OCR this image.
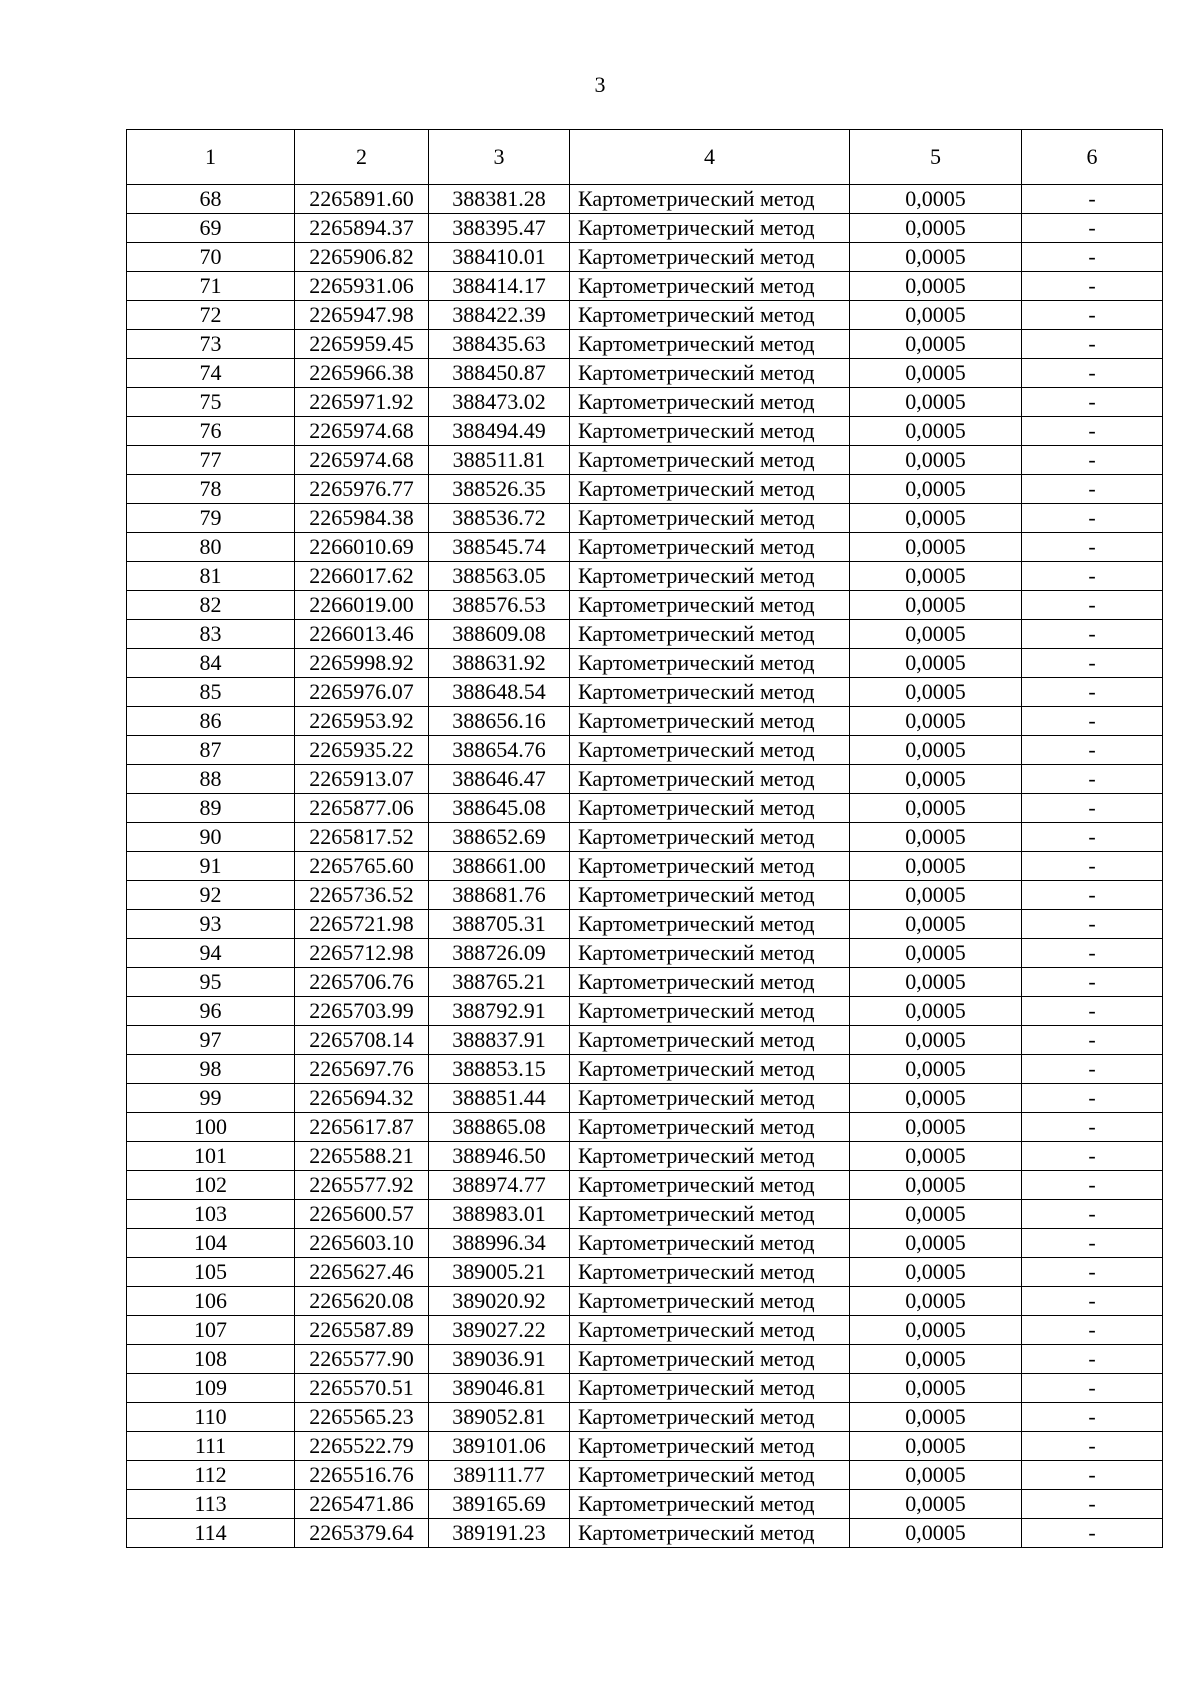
3
1	2	3	4	5	6
68	2265891.60	388381.28	Картометрический метод	0,0005	-
69	2265894.37	388395.47	Картометрический метод	0,0005	-
70	2265906.82	388410.01	Картометрический метод	0,0005	-
71	2265931.06	388414.17	Картометрический метод	0,0005	-
72	2265947.98	388422.39	Картометрический метод	0,0005	-
73	2265959.45	388435.63	Картометрический метод	0,0005	-
74	2265966.38	388450.87	Картометрический метод	0,0005	-
75	2265971.92	388473.02	Картометрический метод	0,0005	-
76	2265974.68	388494.49	Картометрический метод	0,0005	-
77	2265974.68	388511.81	Картометрический метод	0,0005	-
78	2265976.77	388526.35	Картометрический метод	0,0005	-
79	2265984.38	388536.72	Картометрический метод	0,0005	-
80	2266010.69	388545.74	Картометрический метод	0,0005	-
81	2266017.62	388563.05	Картометрический метод	0,0005	-
82	2266019.00	388576.53	Картометрический метод	0,0005	-
83	2266013.46	388609.08	Картометрический метод	0,0005	-
84	2265998.92	388631.92	Картометрический метод	0,0005	-
85	2265976.07	388648.54	Картометрический метод	0,0005	-
86	2265953.92	388656.16	Картометрический метод	0,0005	-
87	2265935.22	388654.76	Картометрический метод	0,0005	-
88	2265913.07	388646.47	Картометрический метод	0,0005	-
89	2265877.06	388645.08	Картометрический метод	0,0005	-
90	2265817.52	388652.69	Картометрический метод	0,0005	-
91	2265765.60	388661.00	Картометрический метод	0,0005	-
92	2265736.52	388681.76	Картометрический метод	0,0005	-
93	2265721.98	388705.31	Картометрический метод	0,0005	-
94	2265712.98	388726.09	Картометрический метод	0,0005	-
95	2265706.76	388765.21	Картометрический метод	0,0005	-
96	2265703.99	388792.91	Картометрический метод	0,0005	-
97	2265708.14	388837.91	Картометрический метод	0,0005	-
98	2265697.76	388853.15	Картометрический метод	0,0005	-
99	2265694.32	388851.44	Картометрический метод	0,0005	-
100	2265617.87	388865.08	Картометрический метод	0,0005	-
101	2265588.21	388946.50	Картометрический метод	0,0005	-
102	2265577.92	388974.77	Картометрический метод	0,0005	-
103	2265600.57	388983.01	Картометрический метод	0,0005	-
104	2265603.10	388996.34	Картометрический метод	0,0005	-
105	2265627.46	389005.21	Картометрический метод	0,0005	-
106	2265620.08	389020.92	Картометрический метод	0,0005	-
107	2265587.89	389027.22	Картометрический метод	0,0005	-
108	2265577.90	389036.91	Картометрический метод	0,0005	-
109	2265570.51	389046.81	Картометрический метод	0,0005	-
110	2265565.23	389052.81	Картометрический метод	0,0005	-
111	2265522.79	389101.06	Картометрический метод	0,0005	-
112	2265516.76	389111.77	Картометрический метод	0,0005	-
113	2265471.86	389165.69	Картометрический метод	0,0005	-
114	2265379.64	389191.23	Картометрический метод	0,0005	-
